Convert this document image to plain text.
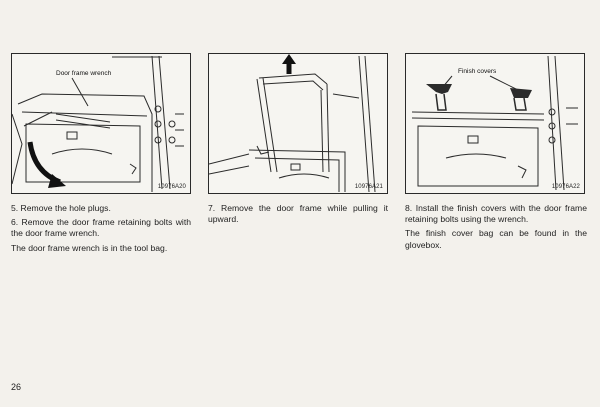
Door frame wrench
10976A20	10976A21
Finish covers
10976A22

5. Remove the hole plugs.

6. Remove the door frame retaining bolts with the door frame wrench.

The door frame wrench is in the tool bag.

7. Remove the door frame while pulling it upward.

8. Install the finish covers with the door frame retaining bolts using the wrench.

The finish cover bag can be found in the glovebox.

26
